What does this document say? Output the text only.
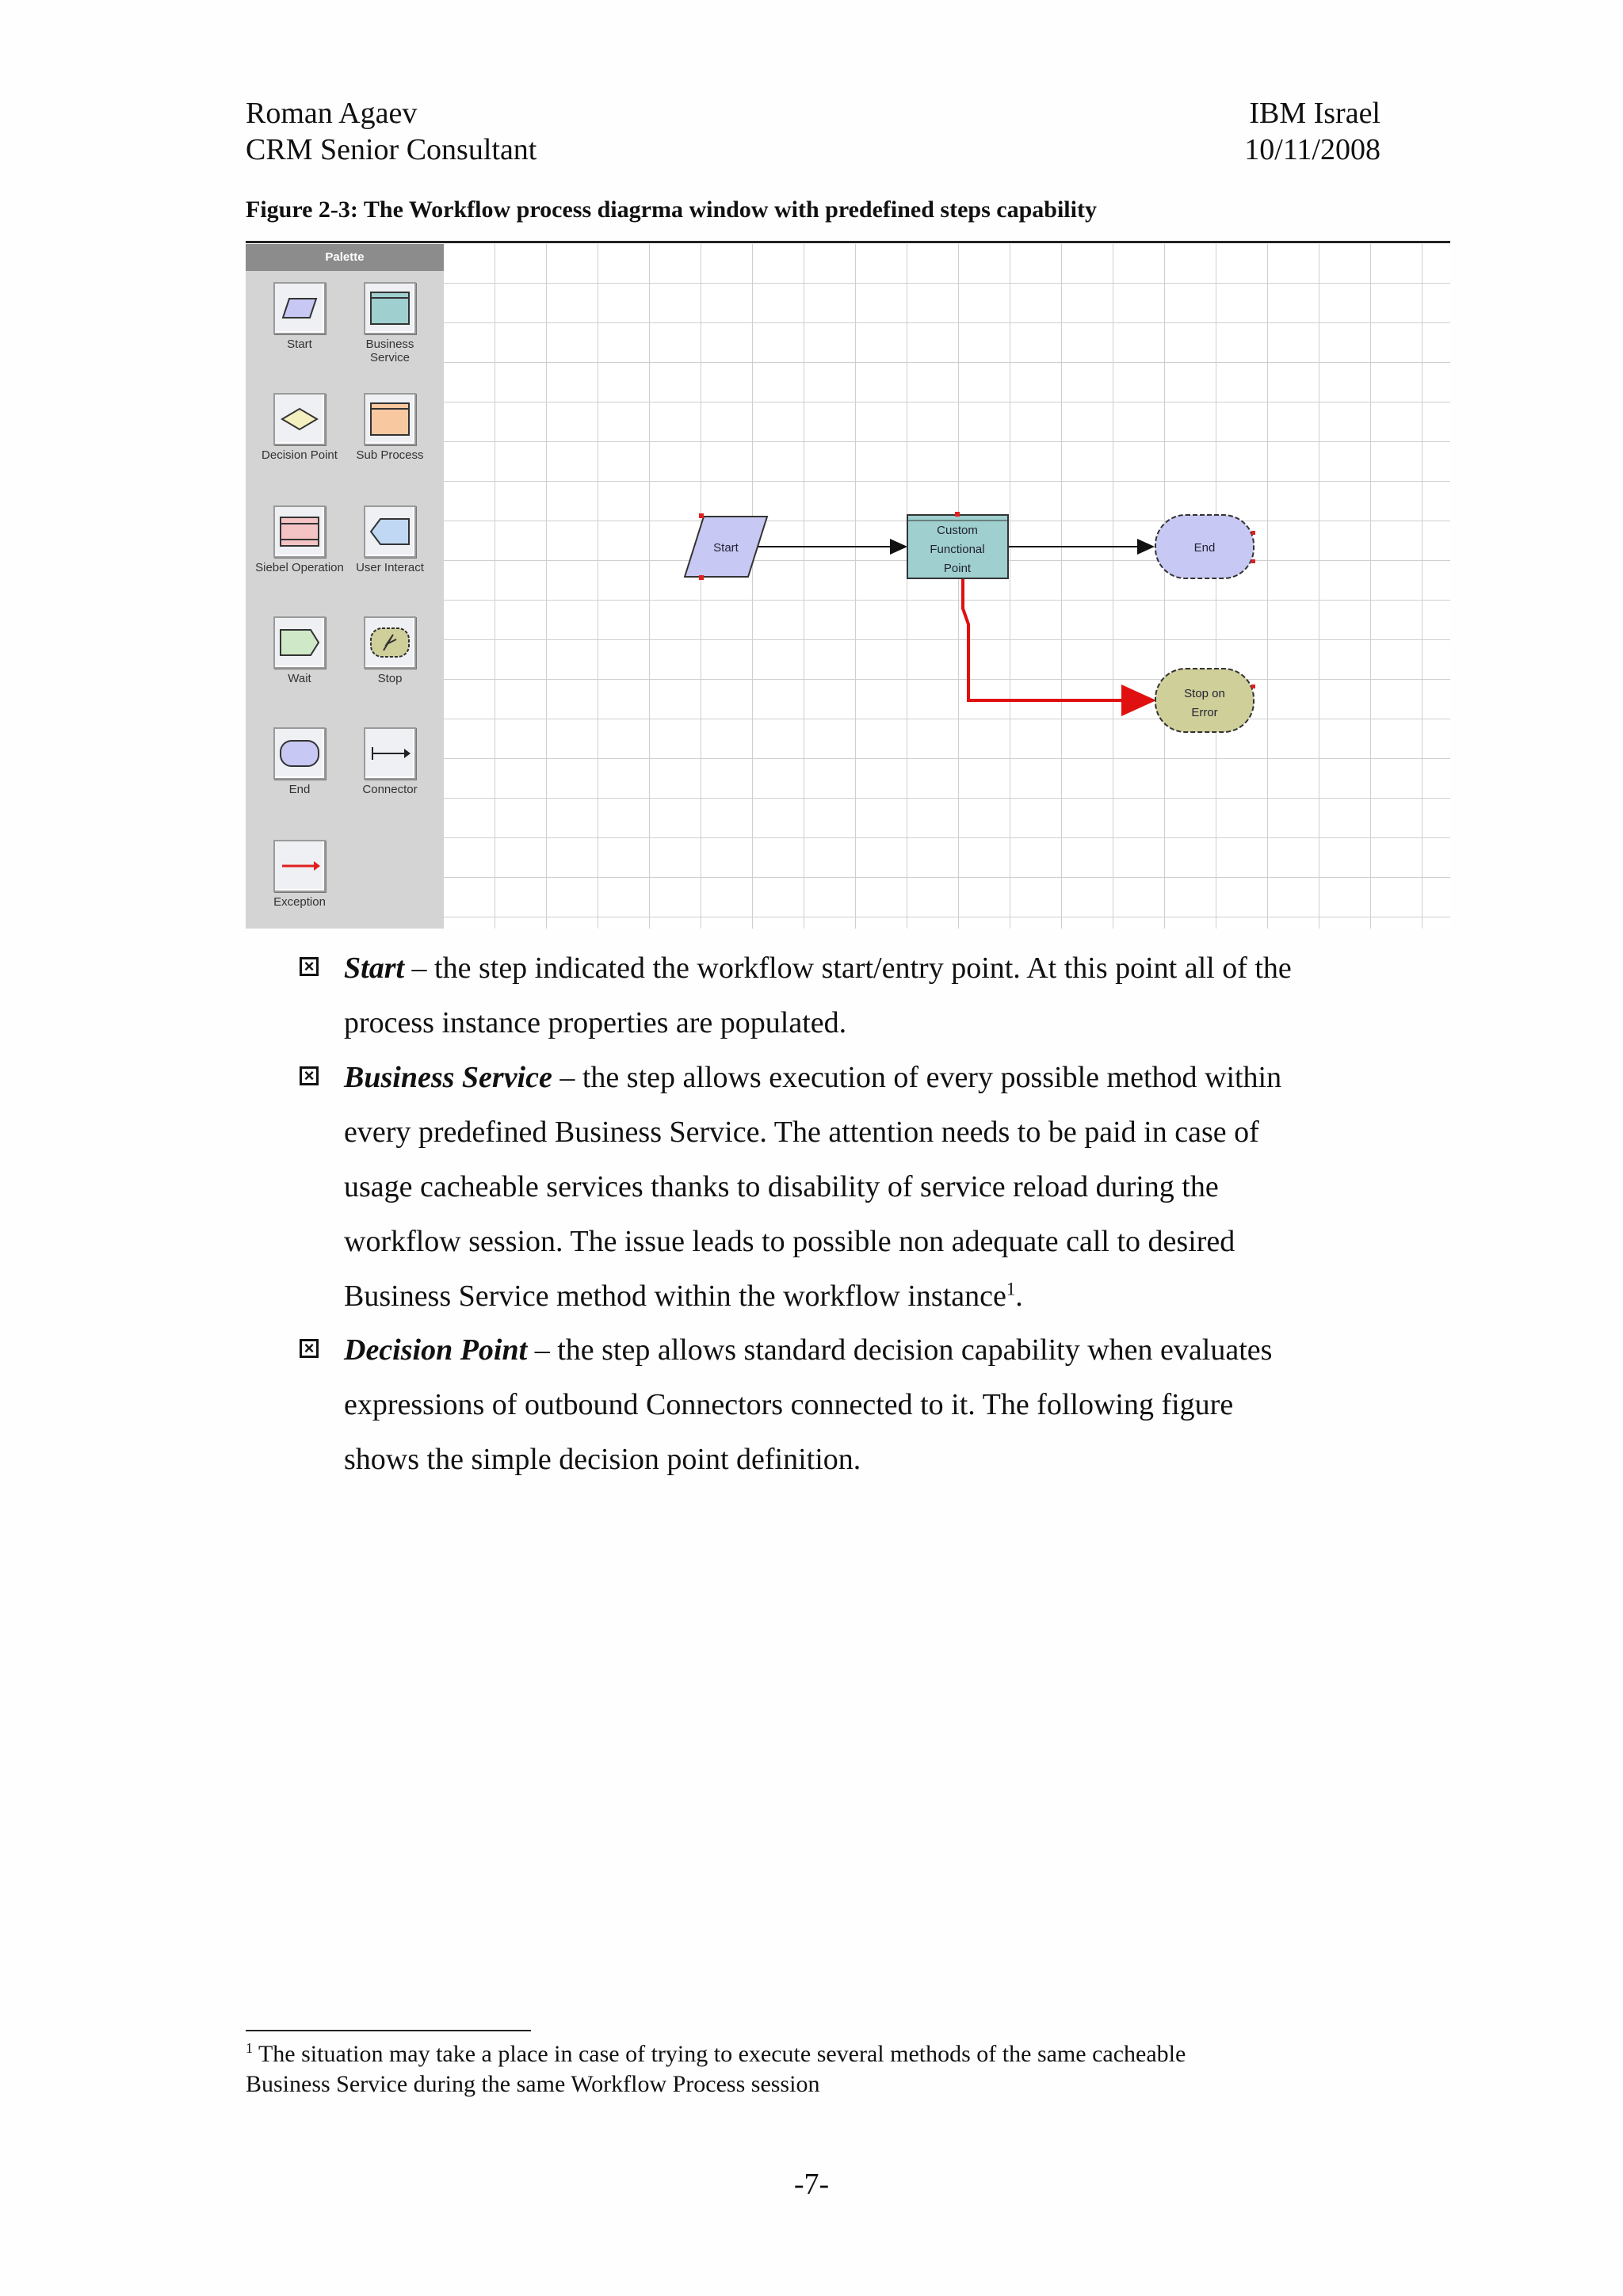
Roman Agaev
CRM Senior Consultant
IBM Israel
10/11/2008
Figure 2-3: The Workflow process diagrma window with predefined steps capability
Palette
Start	Business Service
Decision Point	Sub Process
Siebel Operation	User Interact
Wait	Stop
End	Connector
Exception
Start
Custom
Functional
Point
End
Stop on
Error
× Start – the step indicated the workflow start/entry point. At this point all of the
process instance properties are populated.
× Business Service – the step allows execution of every possible method within
every predefined Business Service. The attention needs to be paid in case of
usage cacheable services thanks to disability of service reload during the
workflow session. The issue leads to possible non adequate call to desired
Business Service method within the workflow instance$^1$.
× Decision Point – the step allows standard decision capability when evaluates
expressions of outbound Connectors connected to it. The following figure
shows the simple decision point definition.
$^1$ The situation may take a place in case of trying to execute several methods of the same cacheable
Business Service during the same Workflow Process session
-7-
